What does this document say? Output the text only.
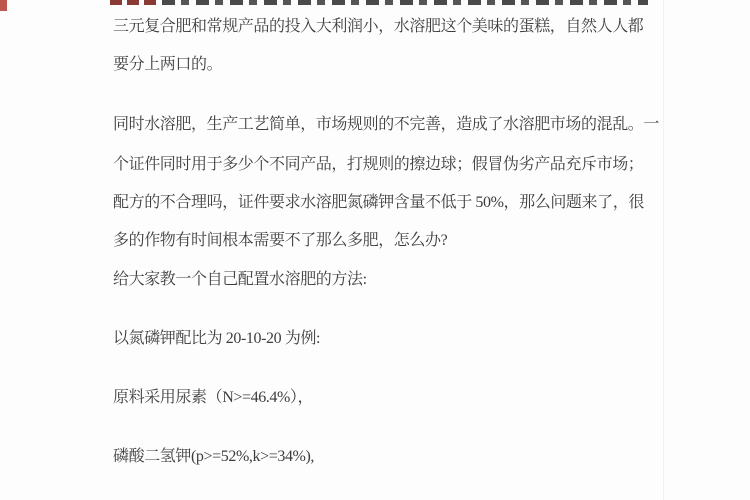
三元复合肥和常规产品的投入大利润小，水溶肥这个美味的蛋糕，自然人人都
要分上两口的。
同时水溶肥，生产工艺简单，市场规则的不完善，造成了水溶肥市场的混乱。一
个证件同时用于多少个不同产品，打规则的擦边球；假冒伪劣产品充斥市场；
配方的不合理吗，证件要求水溶肥氮磷钾含量不低于 50%，那么问题来了，很
多的作物有时间根本需要不了那么多肥，怎么办?
给大家教一个自己配置水溶肥的方法:
以氮磷钾配比为 20-10-20 为例:
原料采用尿素（N>=46.4%），
磷酸二氢钾(p>=52%,k>=34%),
